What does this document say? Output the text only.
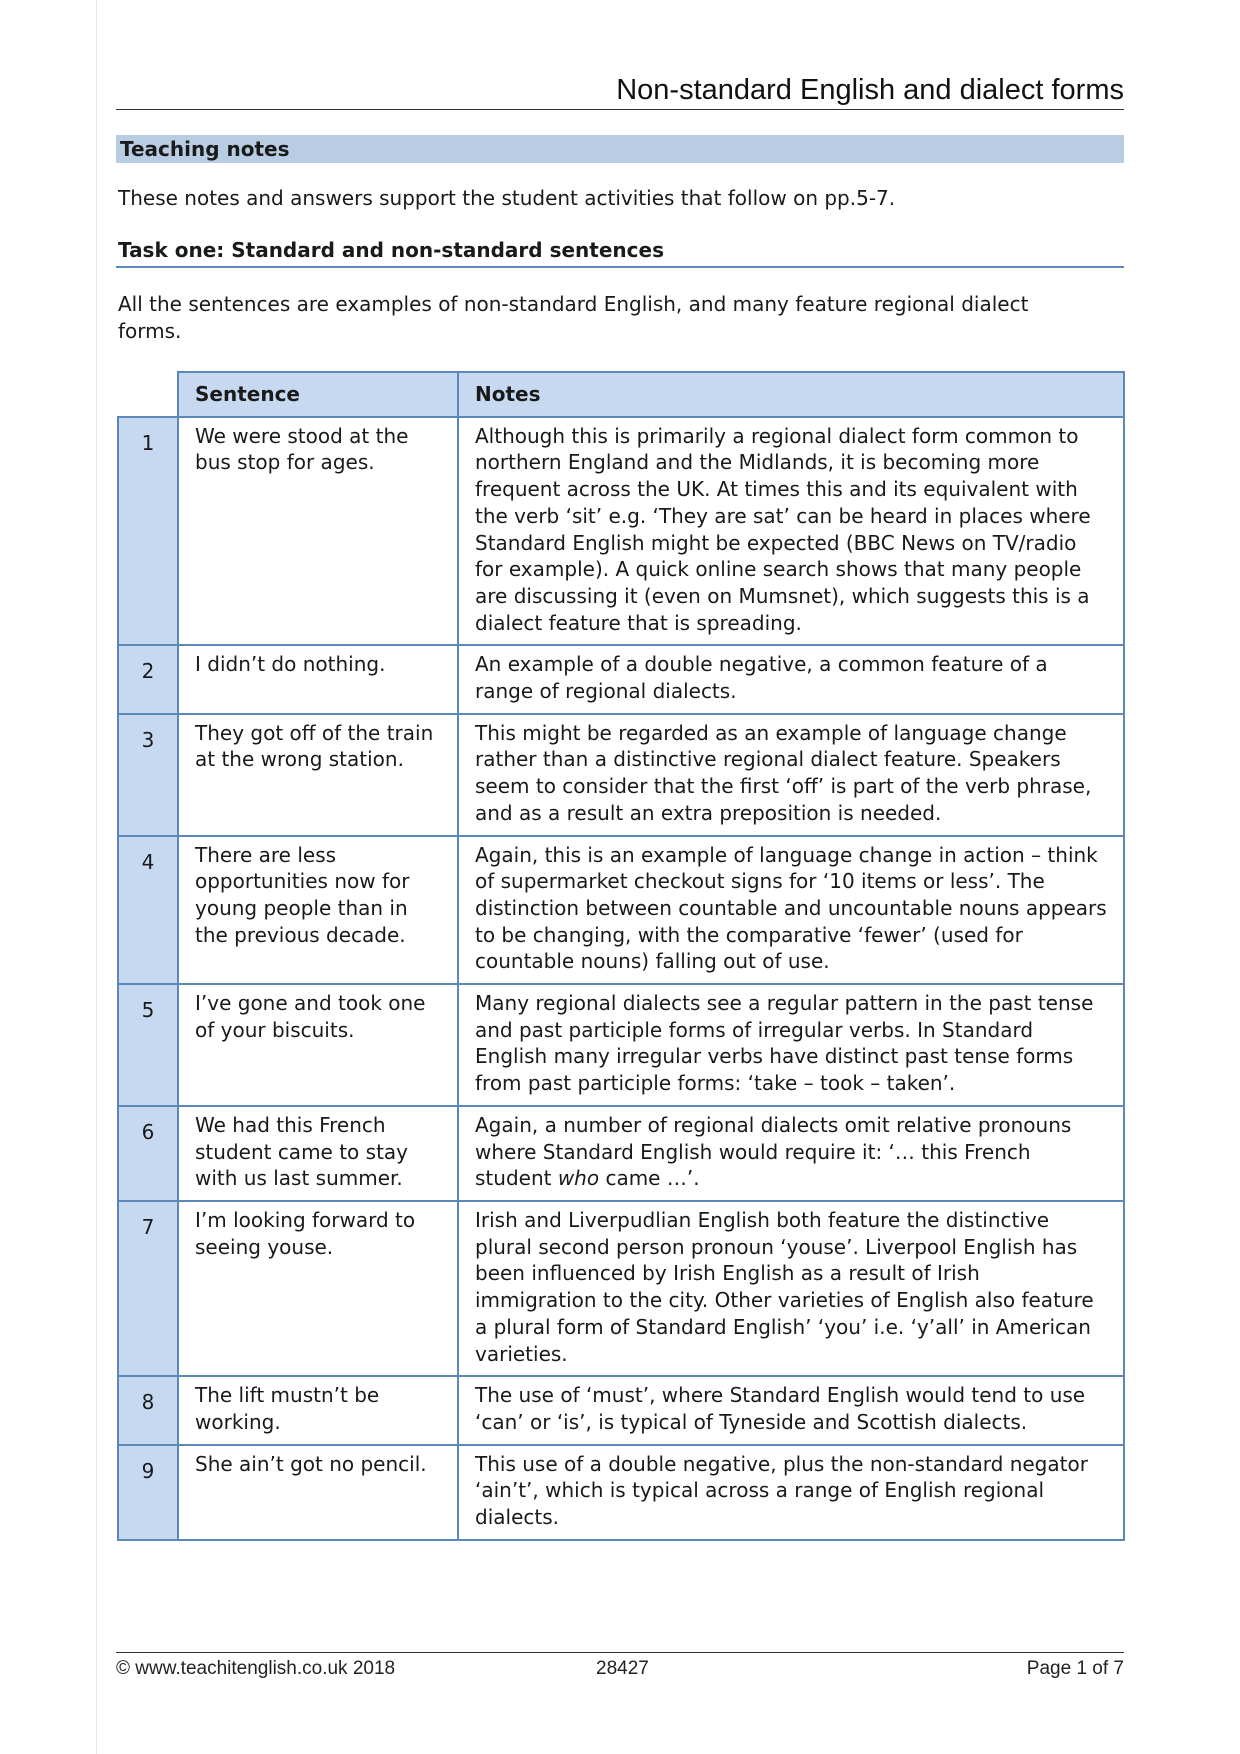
Non-standard English and dialect forms
Teaching notes
These notes and answers support the student activities that follow on pp.5-7.
Task one: Standard and non-standard sentences
All the sentences are examples of non-standard English, and many feature regional dialect forms.
	Sentence	Notes
1	We were stood at the bus stop for ages.	Although this is primarily a regional dialect form common to northern England and the Midlands, it is becoming more frequent across the UK. At times this and its equivalent with the verb ‘sit’ e.g. ‘They are sat’ can be heard in places where Standard English might be expected (BBC News on TV/radio for example). A quick online search shows that many people are discussing it (even on Mumsnet), which suggests this is a dialect feature that is spreading.
2	I didn’t do nothing.	An example of a double negative, a common feature of a range of regional dialects.
3	They got off of the train at the wrong station.	This might be regarded as an example of language change rather than a distinctive regional dialect feature. Speakers seem to consider that the first ‘off’ is part of the verb phrase, and as a result an extra preposition is needed.
4	There are less opportunities now for young people than in the previous decade.	Again, this is an example of language change in action – think of supermarket checkout signs for ‘10 items or less’. The distinction between countable and uncountable nouns appears to be changing, with the comparative ‘fewer’ (used for countable nouns) falling out of use.
5	I’ve gone and took one of your biscuits.	Many regional dialects see a regular pattern in the past tense and past participle forms of irregular verbs. In Standard English many irregular verbs have distinct past tense forms from past participle forms: ‘take – took – taken’.
6	We had this French student came to stay with us last summer.	Again, a number of regional dialects omit relative pronouns where Standard English would require it: ‘… this French student who came …’.
7	I’m looking forward to seeing youse.	Irish and Liverpudlian English both feature the distinctive plural second person pronoun ‘youse’. Liverpool English has been influenced by Irish English as a result of Irish immigration to the city. Other varieties of English also feature a plural form of Standard English’ ‘you’ i.e. ‘y’all’ in American varieties.
8	The lift mustn’t be working.	The use of ‘must’, where Standard English would tend to use ‘can’ or ‘is’, is typical of Tyneside and Scottish dialects.
9	She ain’t got no pencil.	This use of a double negative, plus the non-standard negator ‘ain’t’, which is typical across a range of English regional dialects.
© www.teachitenglish.co.uk 2018	28427	Page 1 of 7
